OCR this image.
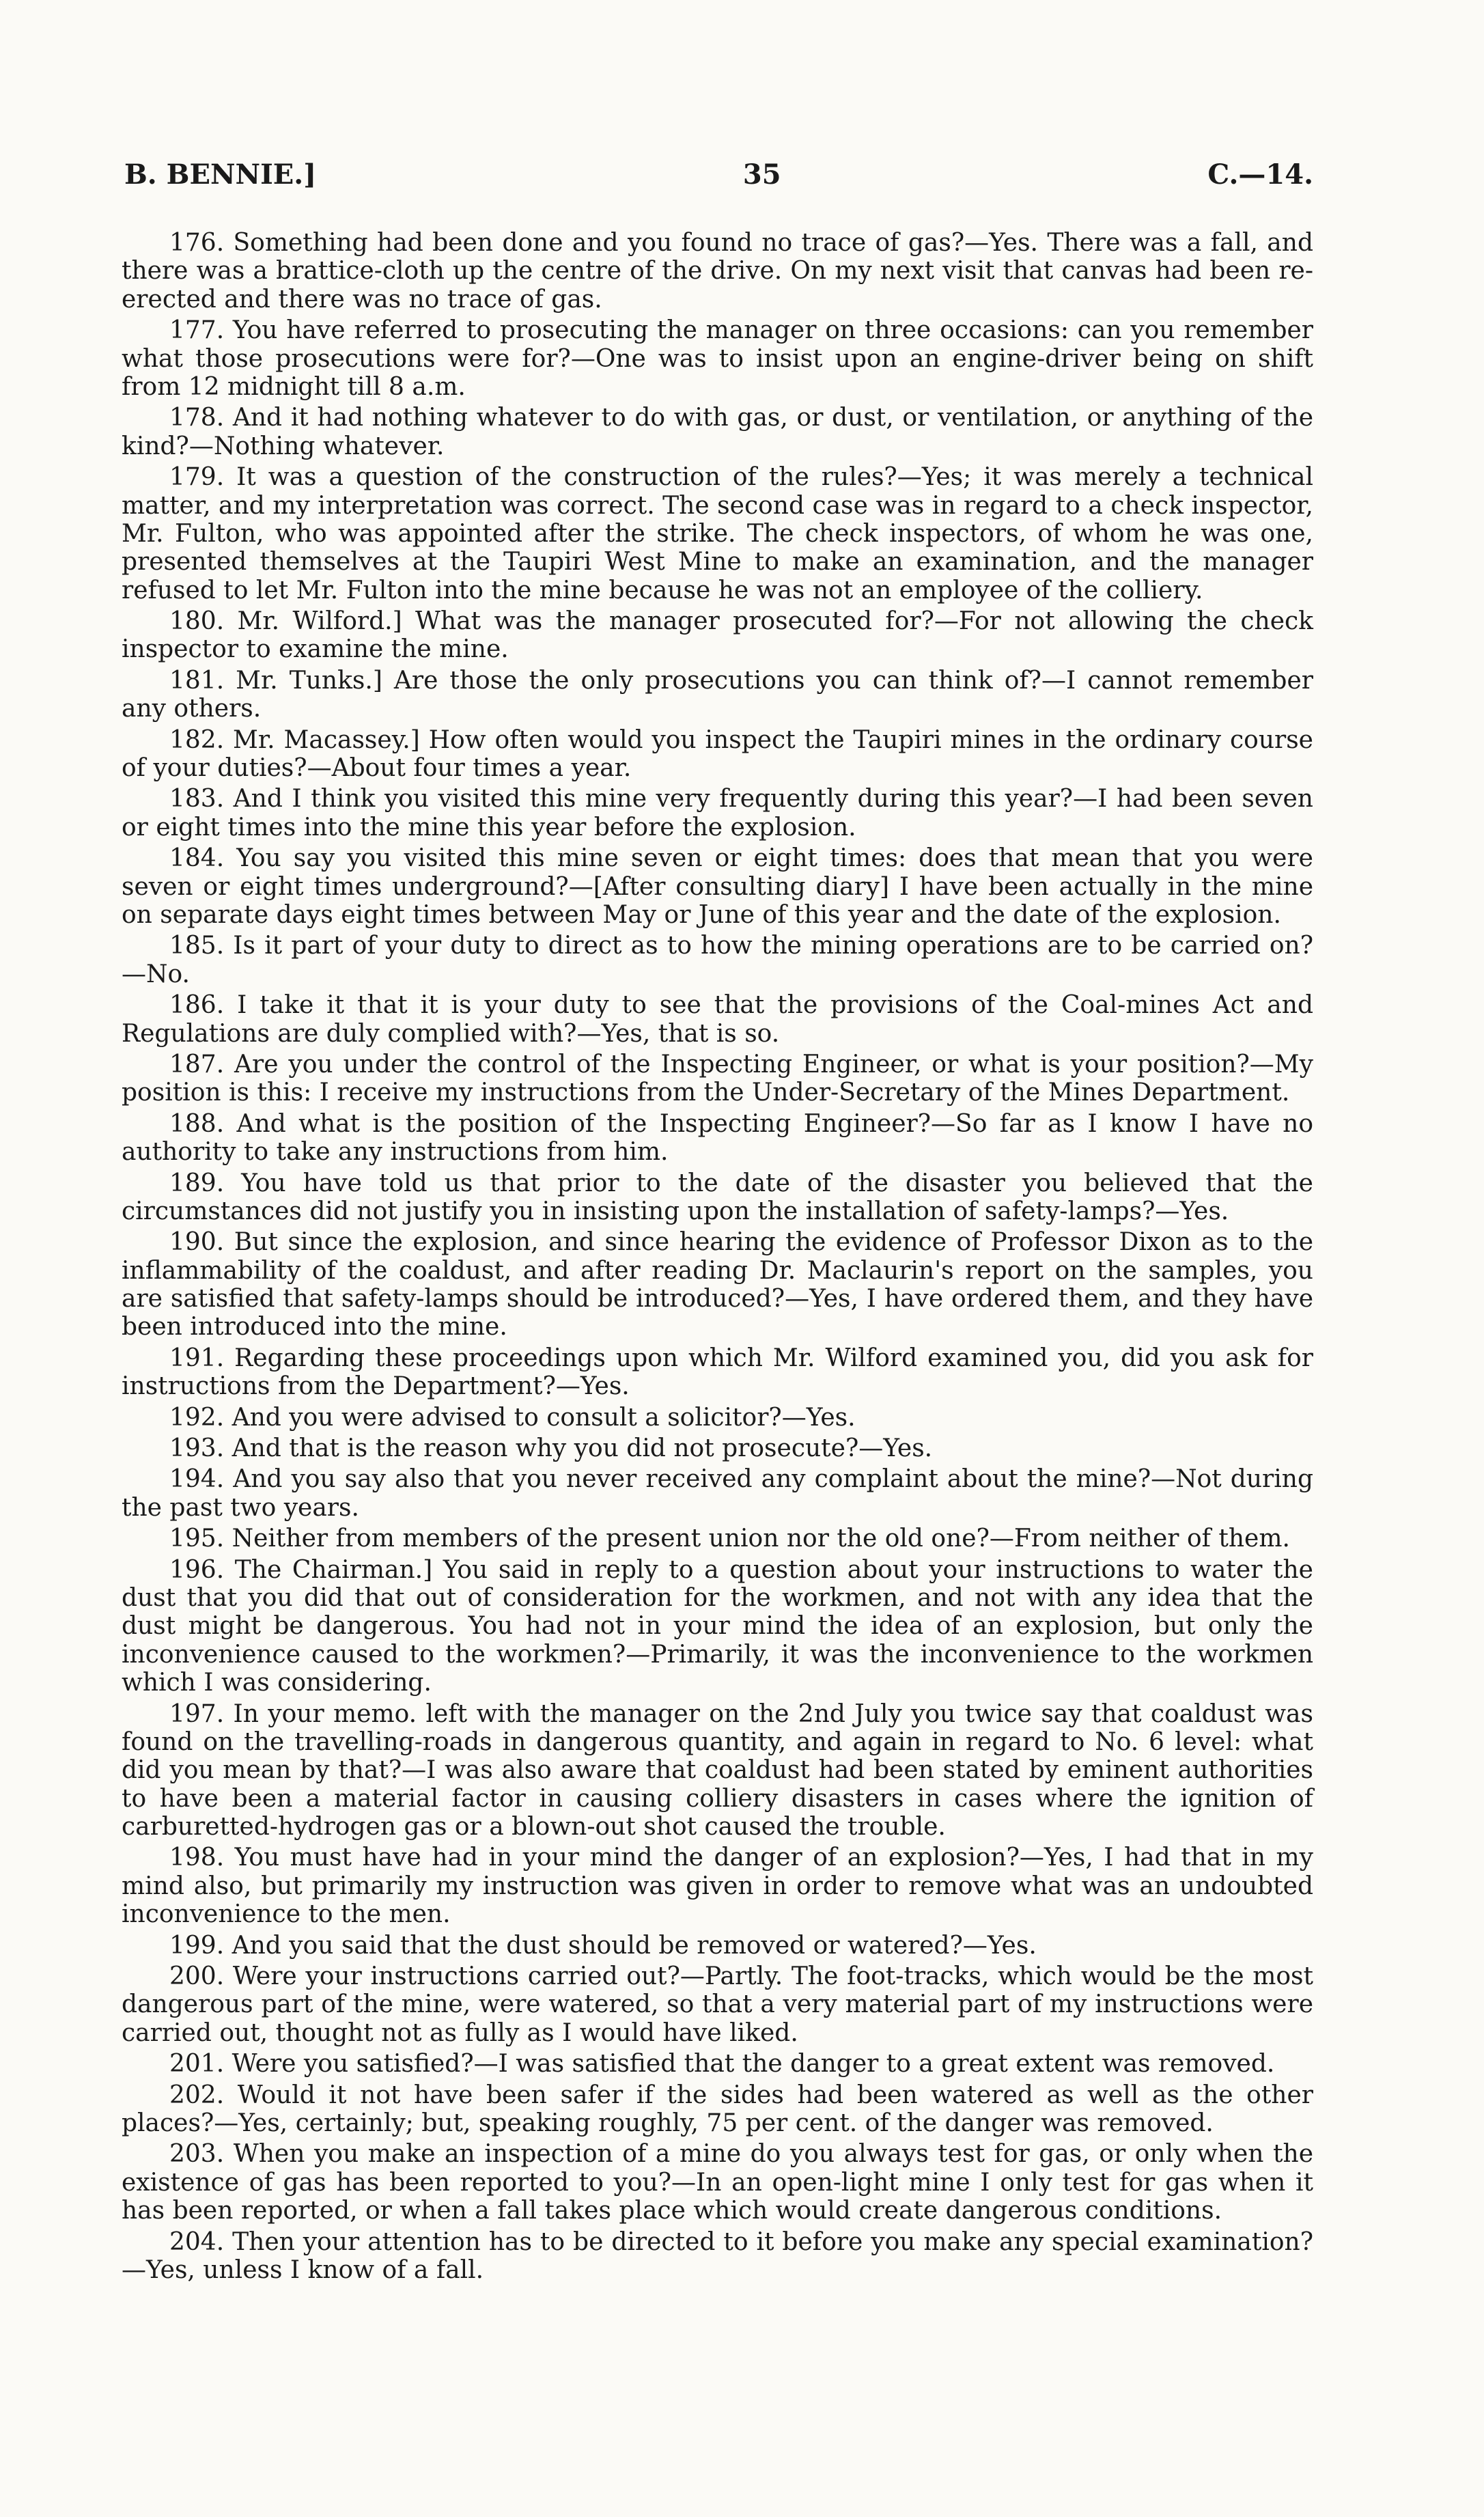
B. BENNIE.]	35	C.—14.

176. Something had been done and you found no trace of gas?—Yes. There was a fall, and there was a brattice-cloth up the centre of the drive. On my next visit that canvas had been re-erected and there was no trace of gas.

177. You have referred to prosecuting the manager on three occasions: can you remember what those prosecutions were for?—One was to insist upon an engine-driver being on shift from 12 midnight till 8 a.m.

178. And it had nothing whatever to do with gas, or dust, or ventilation, or anything of the kind?—Nothing whatever.

179. It was a question of the construction of the rules?—Yes; it was merely a technical matter, and my interpretation was correct. The second case was in regard to a check inspector, Mr. Fulton, who was appointed after the strike. The check inspectors, of whom he was one, presented themselves at the Taupiri West Mine to make an examination, and the manager refused to let Mr. Fulton into the mine because he was not an employee of the colliery.

180. Mr. Wilford.] What was the manager prosecuted for?—For not allowing the check inspector to examine the mine.

181. Mr. Tunks.] Are those the only prosecutions you can think of?—I cannot remember any others.

182. Mr. Macassey.] How often would you inspect the Taupiri mines in the ordinary course of your duties?—About four times a year.

183. And I think you visited this mine very frequently during this year?—I had been seven or eight times into the mine this year before the explosion.

184. You say you visited this mine seven or eight times: does that mean that you were seven or eight times underground?—[After consulting diary] I have been actually in the mine on separate days eight times between May or June of this year and the date of the explosion.

185. Is it part of your duty to direct as to how the mining operations are to be carried on? —No.

186. I take it that it is your duty to see that the provisions of the Coal-mines Act and Regulations are duly complied with?—Yes, that is so.

187. Are you under the control of the Inspecting Engineer, or what is your position?—My position is this: I receive my instructions from the Under-Secretary of the Mines Department.

188. And what is the position of the Inspecting Engineer?—So far as I know I have no authority to take any instructions from him.

189. You have told us that prior to the date of the disaster you believed that the circumstances did not justify you in insisting upon the installation of safety-lamps?—Yes.

190. But since the explosion, and since hearing the evidence of Professor Dixon as to the inflammability of the coaldust, and after reading Dr. Maclaurin's report on the samples, you are satisfied that safety-lamps should be introduced?—Yes, I have ordered them, and they have been introduced into the mine.

191. Regarding these proceedings upon which Mr. Wilford examined you, did you ask for instructions from the Department?—Yes.

192. And you were advised to consult a solicitor?—Yes.

193. And that is the reason why you did not prosecute?—Yes.

194. And you say also that you never received any complaint about the mine?—Not during the past two years.

195. Neither from members of the present union nor the old one?—From neither of them.

196. The Chairman.] You said in reply to a question about your instructions to water the dust that you did that out of consideration for the workmen, and not with any idea that the dust might be dangerous. You had not in your mind the idea of an explosion, but only the inconvenience caused to the workmen?—Primarily, it was the inconvenience to the workmen which I was considering.

197. In your memo. left with the manager on the 2nd July you twice say that coaldust was found on the travelling-roads in dangerous quantity, and again in regard to No. 6 level: what did you mean by that?—I was also aware that coaldust had been stated by eminent authorities to have been a material factor in causing colliery disasters in cases where the ignition of carburetted-hydrogen gas or a blown-out shot caused the trouble.

198. You must have had in your mind the danger of an explosion?—Yes, I had that in my mind also, but primarily my instruction was given in order to remove what was an undoubted inconvenience to the men.

199. And you said that the dust should be removed or watered?—Yes.

200. Were your instructions carried out?—Partly. The foot-tracks, which would be the most dangerous part of the mine, were watered, so that a very material part of my instructions were carried out, thought not as fully as I would have liked.

201. Were you satisfied?—I was satisfied that the danger to a great extent was removed.

202. Would it not have been safer if the sides had been watered as well as the other places?—Yes, certainly; but, speaking roughly, 75 per cent. of the danger was removed.

203. When you make an inspection of a mine do you always test for gas, or only when the existence of gas has been reported to you?—In an open-light mine I only test for gas when it has been reported, or when a fall takes place which would create dangerous conditions.

204. Then your attention has to be directed to it before you make any special examination?—Yes, unless I know of a fall.
